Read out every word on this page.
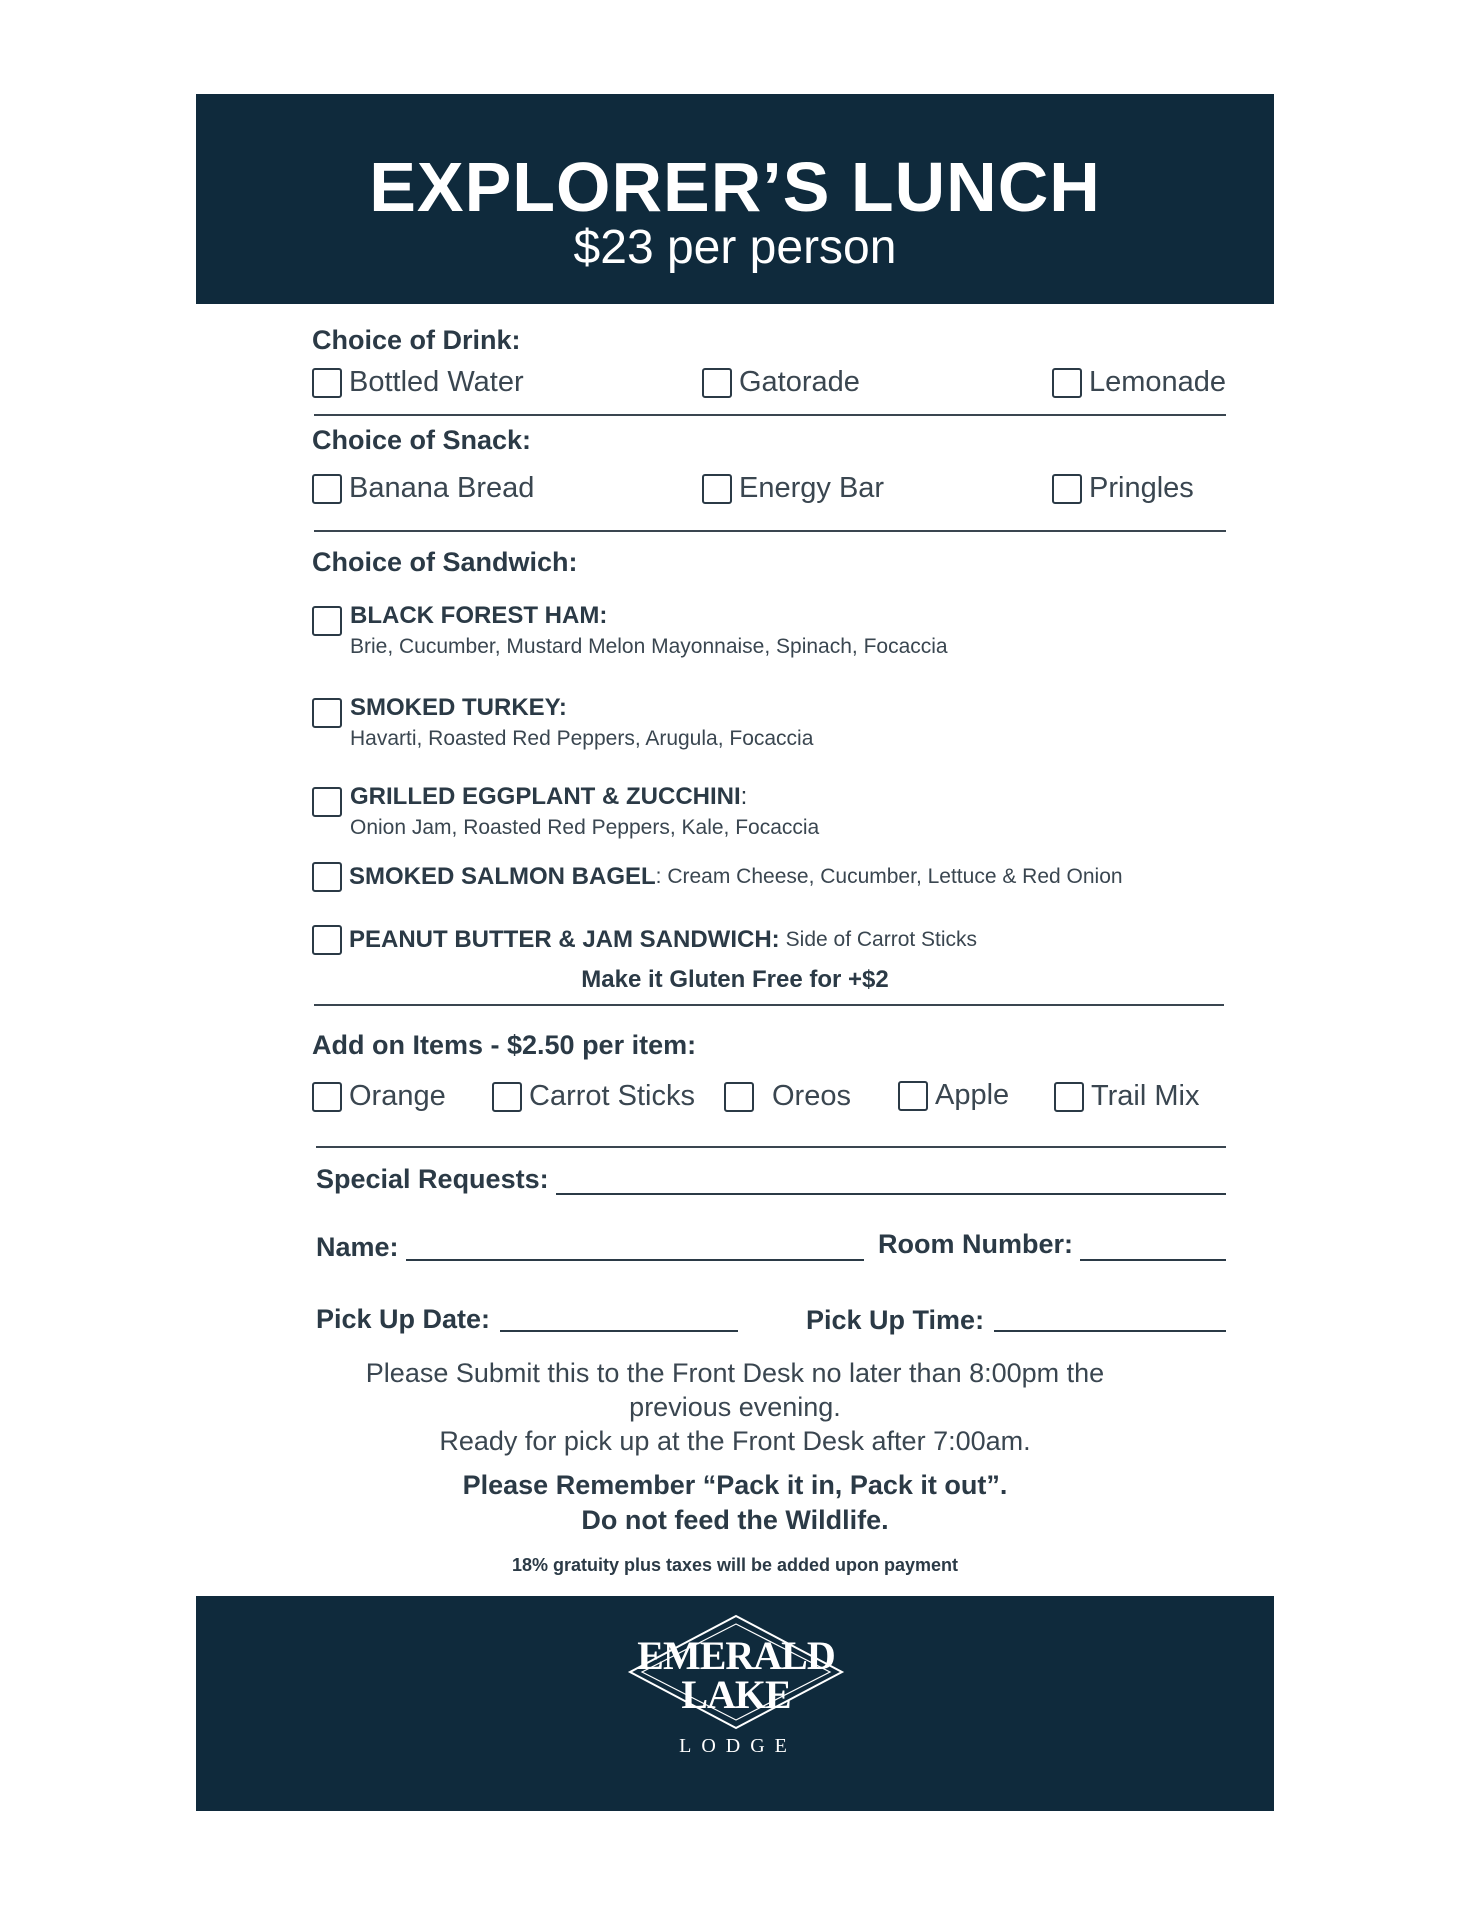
EXPLORER’S LUNCH
$23 per person
Choice of Drink:
Bottled Water	Gatorade	Lemonade
Choice of Snack:
Banana Bread	Energy Bar	Pringles
Choice of Sandwich:
BLACK FOREST HAM:
Brie, Cucumber, Mustard Melon Mayonnaise, Spinach, Focaccia
SMOKED TURKEY:
Havarti, Roasted Red Peppers, Arugula, Focaccia
GRILLED EGGPLANT & ZUCCHINI:
Onion Jam, Roasted Red Peppers, Kale, Focaccia
SMOKED SALMON BAGEL : Cream Cheese, Cucumber, Lettuce & Red Onion
PEANUT BUTTER & JAM SANDWICH: Side of Carrot Sticks
Make it Gluten Free for +$2
Add on Items - $2.50 per item:
Orange	Carrot Sticks	Oreos	Apple	Trail Mix
Special Requests:
Name:	Room Number:
Pick Up Date:	Pick Up Time:
Please Submit this to the Front Desk no later than 8:00pm the
previous evening.
Ready for pick up at the Front Desk after 7:00am.
Please Remember “Pack it in, Pack it out”.
Do not feed the Wildlife.
18% gratuity plus taxes will be added upon payment
EMERALD
LAKE
LODGE
